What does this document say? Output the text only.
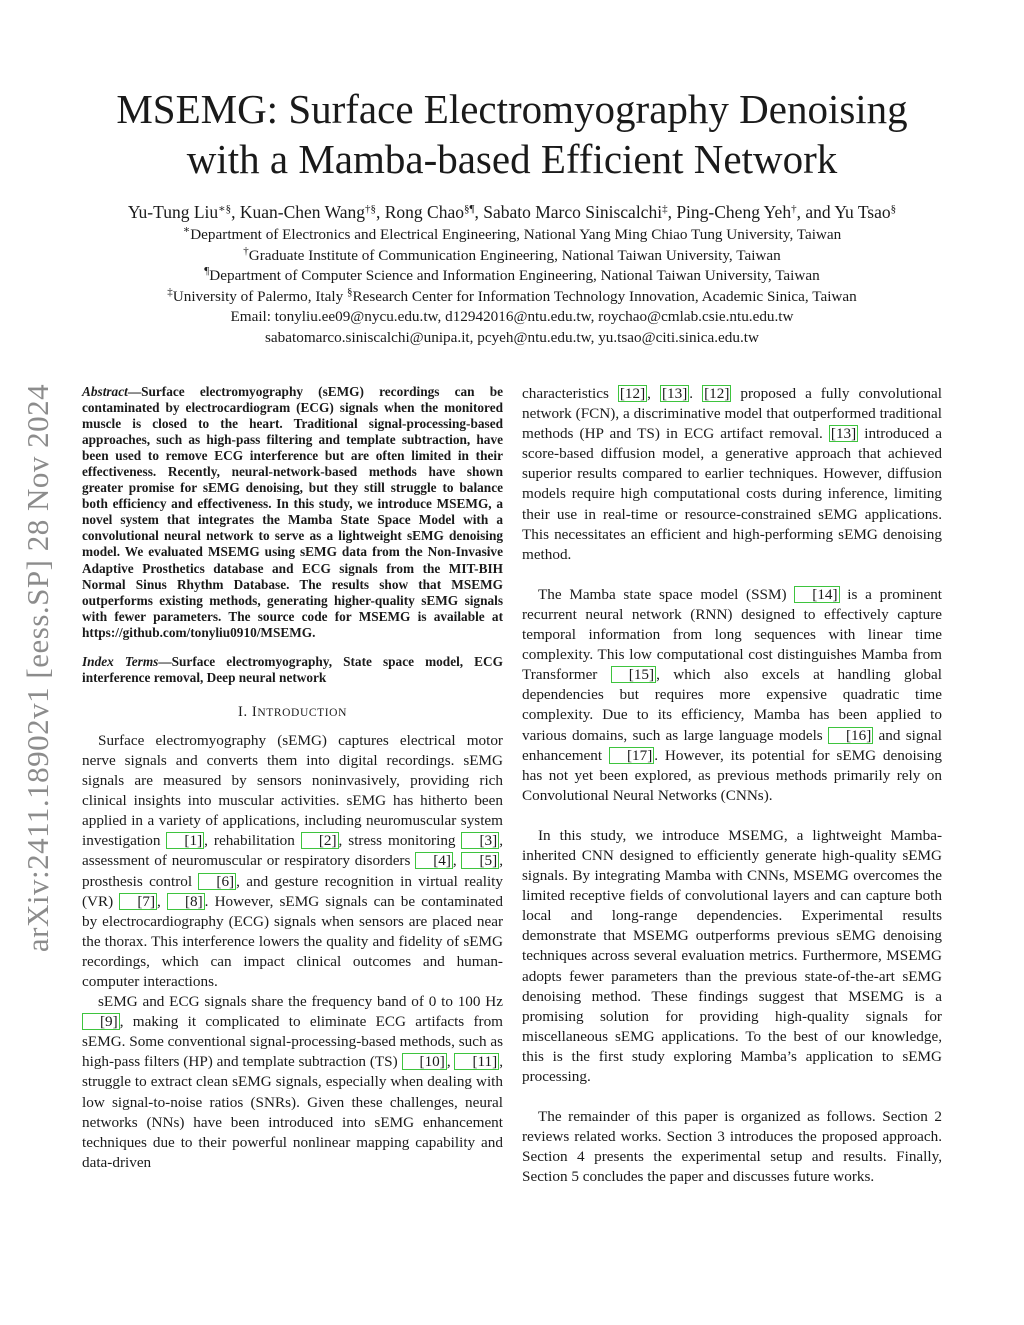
arXiv:2411.18902v1 [eess.SP] 28 Nov 2024
MSEMG: Surface Electromyography Denoising
with a Mamba-based Efficient Network
Yu-Tung Liu∗§, Kuan-Chen Wang†§, Rong Chao§¶, Sabato Marco Siniscalchi‡, Ping-Cheng Yeh†, and Yu Tsao§
∗Department of Electronics and Electrical Engineering, National Yang Ming Chiao Tung University, Taiwan
†Graduate Institute of Communication Engineering, National Taiwan University, Taiwan
¶Department of Computer Science and Information Engineering, National Taiwan University, Taiwan
‡University of Palermo, Italy §Research Center for Information Technology Innovation, Academic Sinica, Taiwan
Email: tonyliu.ee09@nycu.edu.tw, d12942016@ntu.edu.tw, roychao@cmlab.csie.ntu.edu.tw
sabatomarco.siniscalchi@unipa.it, pcyeh@ntu.edu.tw, yu.tsao@citi.sinica.edu.tw

Abstract—Surface electromyography (sEMG) recordings can be contaminated by electrocardiogram (ECG) signals when the monitored muscle is closed to the heart. Traditional signal-processing-based approaches, such as high-pass filtering and template subtraction, have been used to remove ECG interference but are often limited in their effectiveness. Recently, neural-network-based methods have shown greater promise for sEMG denoising, but they still struggle to balance both efficiency and effectiveness. In this study, we introduce MSEMG, a novel system that integrates the Mamba State Space Model with a convolutional neural network to serve as a lightweight sEMG denoising model. We evaluated MSEMG using sEMG data from the Non-Invasive Adaptive Prosthetics database and ECG signals from the MIT-BIH Normal Sinus Rhythm Database. The results show that MSEMG outperforms existing methods, generating higher-quality sEMG signals with fewer parameters. The source code for MSEMG is available at https://github.com/tonyliu0910/MSEMG.

Index Terms—Surface electromyography, State space model, ECG interference removal, Deep neural network

I. INTRODUCTION

Surface electromyography (sEMG) captures electrical motor nerve signals and converts them into digital recordings. sEMG signals are measured by sensors noninvasively, providing rich clinical insights into muscular activities. sEMG has hitherto been applied in a variety of applications, including neuromuscular system investigation [1] , rehabilitation [2] , stress monitoring [3] , assessment of neuromuscular or respiratory disorders [4] , [5] , prosthesis control [6] , and gesture recognition in virtual reality (VR) [7] , [8] . However, sEMG signals can be contaminated by electrocardiography (ECG) signals when sensors are placed near the thorax. This interference lowers the quality and fidelity of sEMG recordings, which can impact clinical outcomes and human-computer interactions.

sEMG and ECG signals share the frequency band of 0 to 100 Hz [9] , making it complicated to eliminate ECG artifacts from sEMG. Some conventional signal-processing-based methods, such as high-pass filters (HP) and template subtraction (TS) [10] , [11] , struggle to extract clean sEMG signals, especially when dealing with low signal-to-noise ratios (SNRs). Given these challenges, neural networks (NNs) have been introduced into sEMG enhancement techniques due to their powerful nonlinear mapping capability and data-driven

characteristics [12] , [13] . [12] proposed a fully convolutional network (FCN), a discriminative model that outperformed traditional methods (HP and TS) in ECG artifact removal. [13] introduced a score-based diffusion model, a generative approach that achieved superior results compared to earlier techniques. However, diffusion models require high computational costs during inference, limiting their use in real-time or resource-constrained sEMG applications. This necessitates an efficient and high-performing sEMG denoising method.

The Mamba state space model (SSM) [14] is a prominent recurrent neural network (RNN) designed to effectively capture temporal information from long sequences with linear time complexity. This low computational cost distinguishes Mamba from Transformer [15] , which also excels at handling global dependencies but requires more expensive quadratic time complexity. Due to its efficiency, Mamba has been applied to various domains, such as large language models [16] and signal enhancement [17] . However, its potential for sEMG denoising has not yet been explored, as previous methods primarily rely on Convolutional Neural Networks (CNNs).

In this study, we introduce MSEMG, a lightweight Mamba-inherited CNN designed to efficiently generate high-quality sEMG signals. By integrating Mamba with CNNs, MSEMG overcomes the limited receptive fields of convolutional layers and can capture both local and long-range dependencies. Experimental results demonstrate that MSEMG outperforms previous sEMG denoising techniques across several evaluation metrics. Furthermore, MSEMG adopts fewer parameters than the previous state-of-the-art sEMG denoising method. These findings suggest that MSEMG is a promising solution for providing high-quality signals for miscellaneous sEMG applications. To the best of our knowledge, this is the first study exploring Mamba’s application to sEMG processing.

The remainder of this paper is organized as follows. Section 2 reviews related works. Section 3 introduces the proposed approach. Section 4 presents the experimental setup and results. Finally, Section 5 concludes the paper and discusses future works.
